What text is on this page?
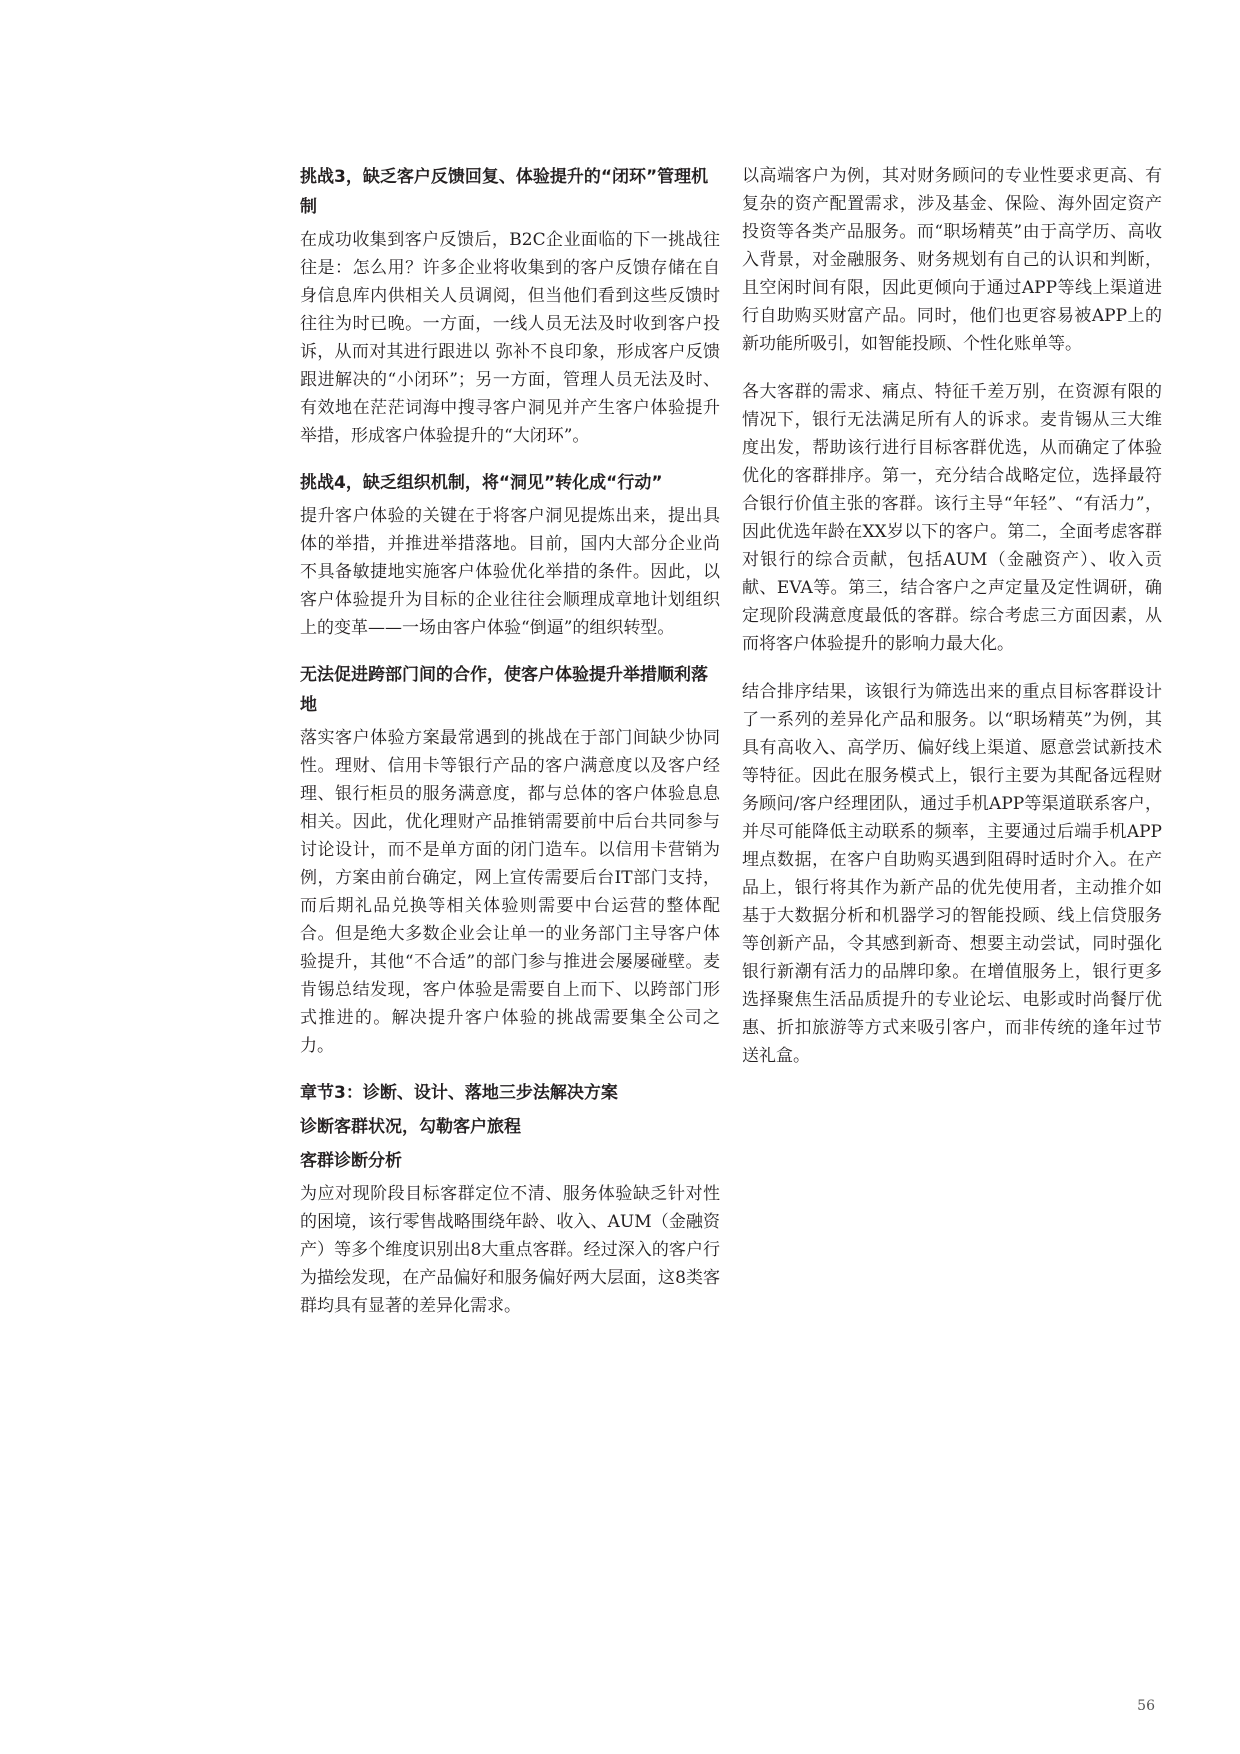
挑战3，缺乏客户反馈回复、体验提升的“闭环”管理机制

在成功收集到客户反馈后，B2C企业面临的下一挑战往往是：怎么用？许多企业将收集到的客户反馈存储在自身信息库内供相关人员调阅，但当他们看到这些反馈时往往为时已晚。一方面，一线人员无法及时收到客户投诉，从而对其进行跟进以 弥补不良印象，形成客户反馈跟进解决的“小闭环”；另一方面，管理人员无法及时、有效地在茫茫词海中搜寻客户洞见并产生客户体验提升举措，形成客户体验提升的“大闭环”。

挑战4，缺乏组织机制，将“洞见”转化成“行动”

提升客户体验的关键在于将客户洞见提炼出来，提出具体的举措，并推进举措落地。目前，国内大部分企业尚不具备敏捷地实施客户体验优化举措的条件。因此，以客户体验提升为目标的企业往往会顺理成章地计划组织上的变革——一场由客户体验“倒逼”的组织转型。

无法促进跨部门间的合作，使客户体验提升举措顺利落地

落实客户体验方案最常遇到的挑战在于部门间缺少协同性。理财、信用卡等银行产品的客户满意度以及客户经理、银行柜员的服务满意度，都与总体的客户体验息息相关。因此，优化理财产品推销需要前中后台共同参与讨论设计，而不是单方面的闭门造车。以信用卡营销为例，方案由前台确定，网上宣传需要后台IT部门支持，而后期礼品兑换等相关体验则需要中台运营的整体配合。但是绝大多数企业会让单一的业务部门主导客户体验提升，其他“不合适”的部门参与推进会屡屡碰壁。麦肯锡总结发现，客户体验是需要自上而下、以跨部门形式推进的。解决提升客户体验的挑战需要集全公司之力。

章节3：诊断、设计、落地三步法解决方案

诊断客群状况，勾勒客户旅程

客群诊断分析

为应对现阶段目标客群定位不清、服务体验缺乏针对性的困境，该行零售战略围绕年龄、收入、AUM（金融资产）等多个维度识别出8大重点客群。经过深入的客户行为描绘发现，在产品偏好和服务偏好两大层面，这8类客群均具有显著的差异化需求。

以高端客户为例，其对财务顾问的专业性要求更高、有复杂的资产配置需求，涉及基金、保险、海外固定资产投资等各类产品服务。而“职场精英”由于高学历、高收入背景，对金融服务、财务规划有自己的认识和判断，且空闲时间有限，因此更倾向于通过APP等线上渠道进行自助购买财富产品。同时，他们也更容易被APP上的新功能所吸引，如智能投顾、个性化账单等。

各大客群的需求、痛点、特征千差万别，在资源有限的情况下，银行无法满足所有人的诉求。麦肯锡从三大维度出发，帮助该行进行目标客群优选，从而确定了体验优化的客群排序。第一，充分结合战略定位，选择最符合银行价值主张的客群。该行主导“年轻”、“有活力”，因此优选年龄在XX岁以下的客户。第二，全面考虑客群对银行的综合贡献，包括AUM（金融资产）、收入贡献、EVA等。第三，结合客户之声定量及定性调研，确定现阶段满意度最低的客群。综合考虑三方面因素，从而将客户体验提升的影响力最大化。

结合排序结果，该银行为筛选出来的重点目标客群设计了一系列的差异化产品和服务。以“职场精英”为例，其具有高收入、高学历、偏好线上渠道、愿意尝试新技术等特征。因此在服务模式上，银行主要为其配备远程财务顾问/客户经理团队，通过手机APP等渠道联系客户，并尽可能降低主动联系的频率，主要通过后端手机APP埋点数据，在客户自助购买遇到阻碍时适时介入。在产品上，银行将其作为新产品的优先使用者，主动推介如基于大数据分析和机器学习的智能投顾、线上信贷服务等创新产品，令其感到新奇、想要主动尝试，同时强化银行新潮有活力的品牌印象。在增值服务上，银行更多选择聚焦生活品质提升的专业论坛、电影或时尚餐厅优惠、折扣旅游等方式来吸引客户，而非传统的逢年过节送礼盒。

56
